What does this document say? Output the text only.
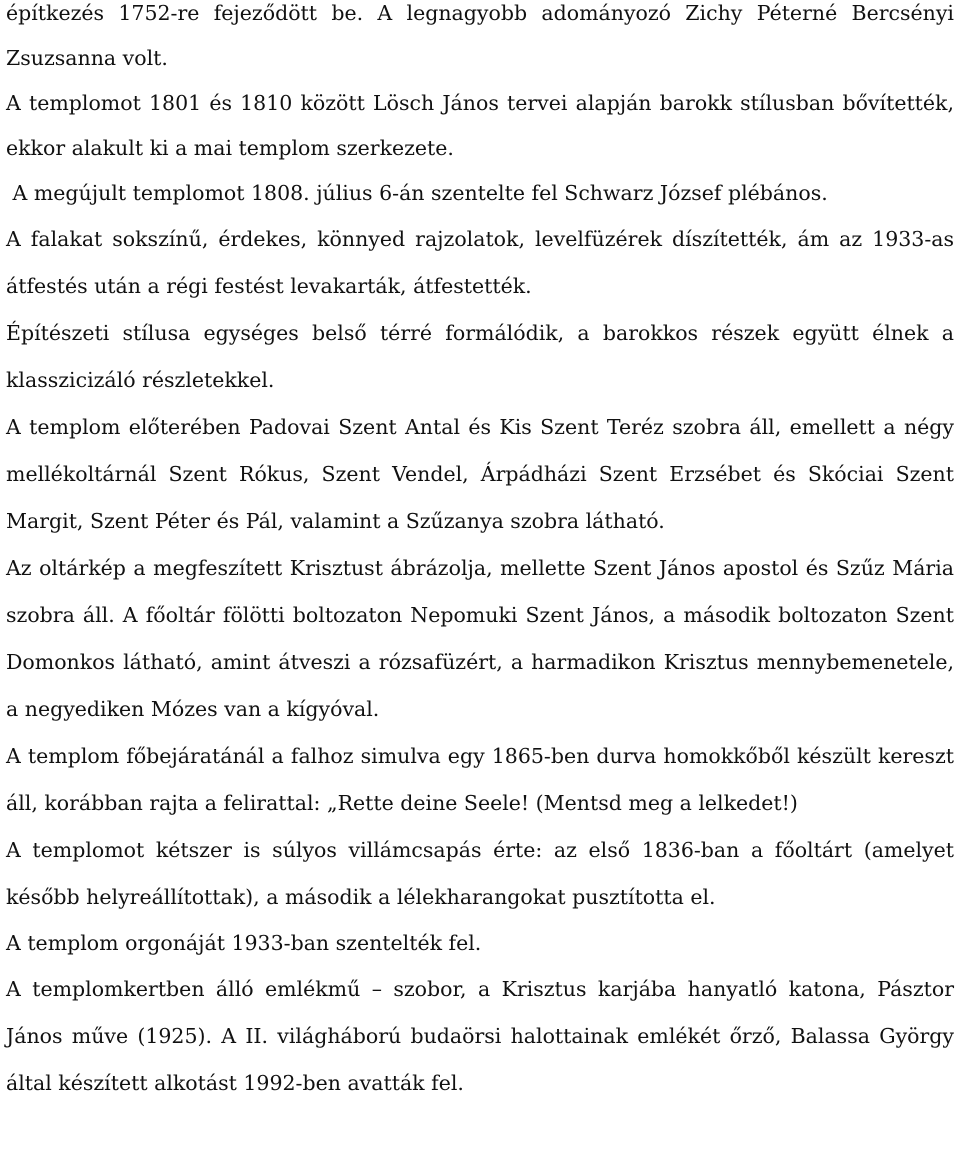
építkezés 1752-re fejeződött be. A legnagyobb adományozó Zichy Péterné Bercsényi Zsuzsanna volt.

A templomot 1801 és 1810 között Lösch János tervei alapján barokk stílusban bővítették, ekkor alakult ki a mai templom szerkezete.

A megújult templomot 1808. július 6-án szentelte fel Schwarz József plébános.

A falakat sokszínű, érdekes, könnyed rajzolatok, levelfüzérek díszítették, ám az 1933-as átfestés után a régi festést levakarták, átfestették.

Építészeti stílusa egységes belső térré formálódik, a barokkos részek együtt élnek a klasszicizáló részletekkel.

A templom előterében Padovai Szent Antal és Kis Szent Teréz szobra áll, emellett a négy mellékoltárnál Szent Rókus, Szent Vendel, Árpádházi Szent Erzsébet és Skóciai Szent Margit, Szent Péter és Pál, valamint a Szűzanya szobra látható.

Az oltárkép a megfeszített Krisztust ábrázolja, mellette Szent János apostol és Szűz Mária szobra áll. A főoltár fölötti boltozaton Nepomuki Szent János, a második boltozaton Szent Domonkos látható, amint átveszi a rózsafüzért, a harmadikon Krisztus mennybemenetele, a negyediken Mózes van a kígyóval.

A templom főbejáratánál a falhoz simulva egy 1865-ben durva homokkőből készült kereszt áll, korábban rajta a felirattal: „Rette deine Seele! (Mentsd meg a lelkedet!)

A templomot kétszer is súlyos villámcsapás érte: az első 1836-ban a főoltárt (amelyet később helyreállítottak), a második a lélekharangokat pusztította el.

A templom orgonáját 1933-ban szentelték fel.

A templomkertben álló emlékmű – szobor, a Krisztus karjába hanyatló katona, Pásztor János műve (1925). A II. világháború budaörsi halottainak emlékét őrző, Balassa György által készített alkotást 1992-ben avatták fel.
